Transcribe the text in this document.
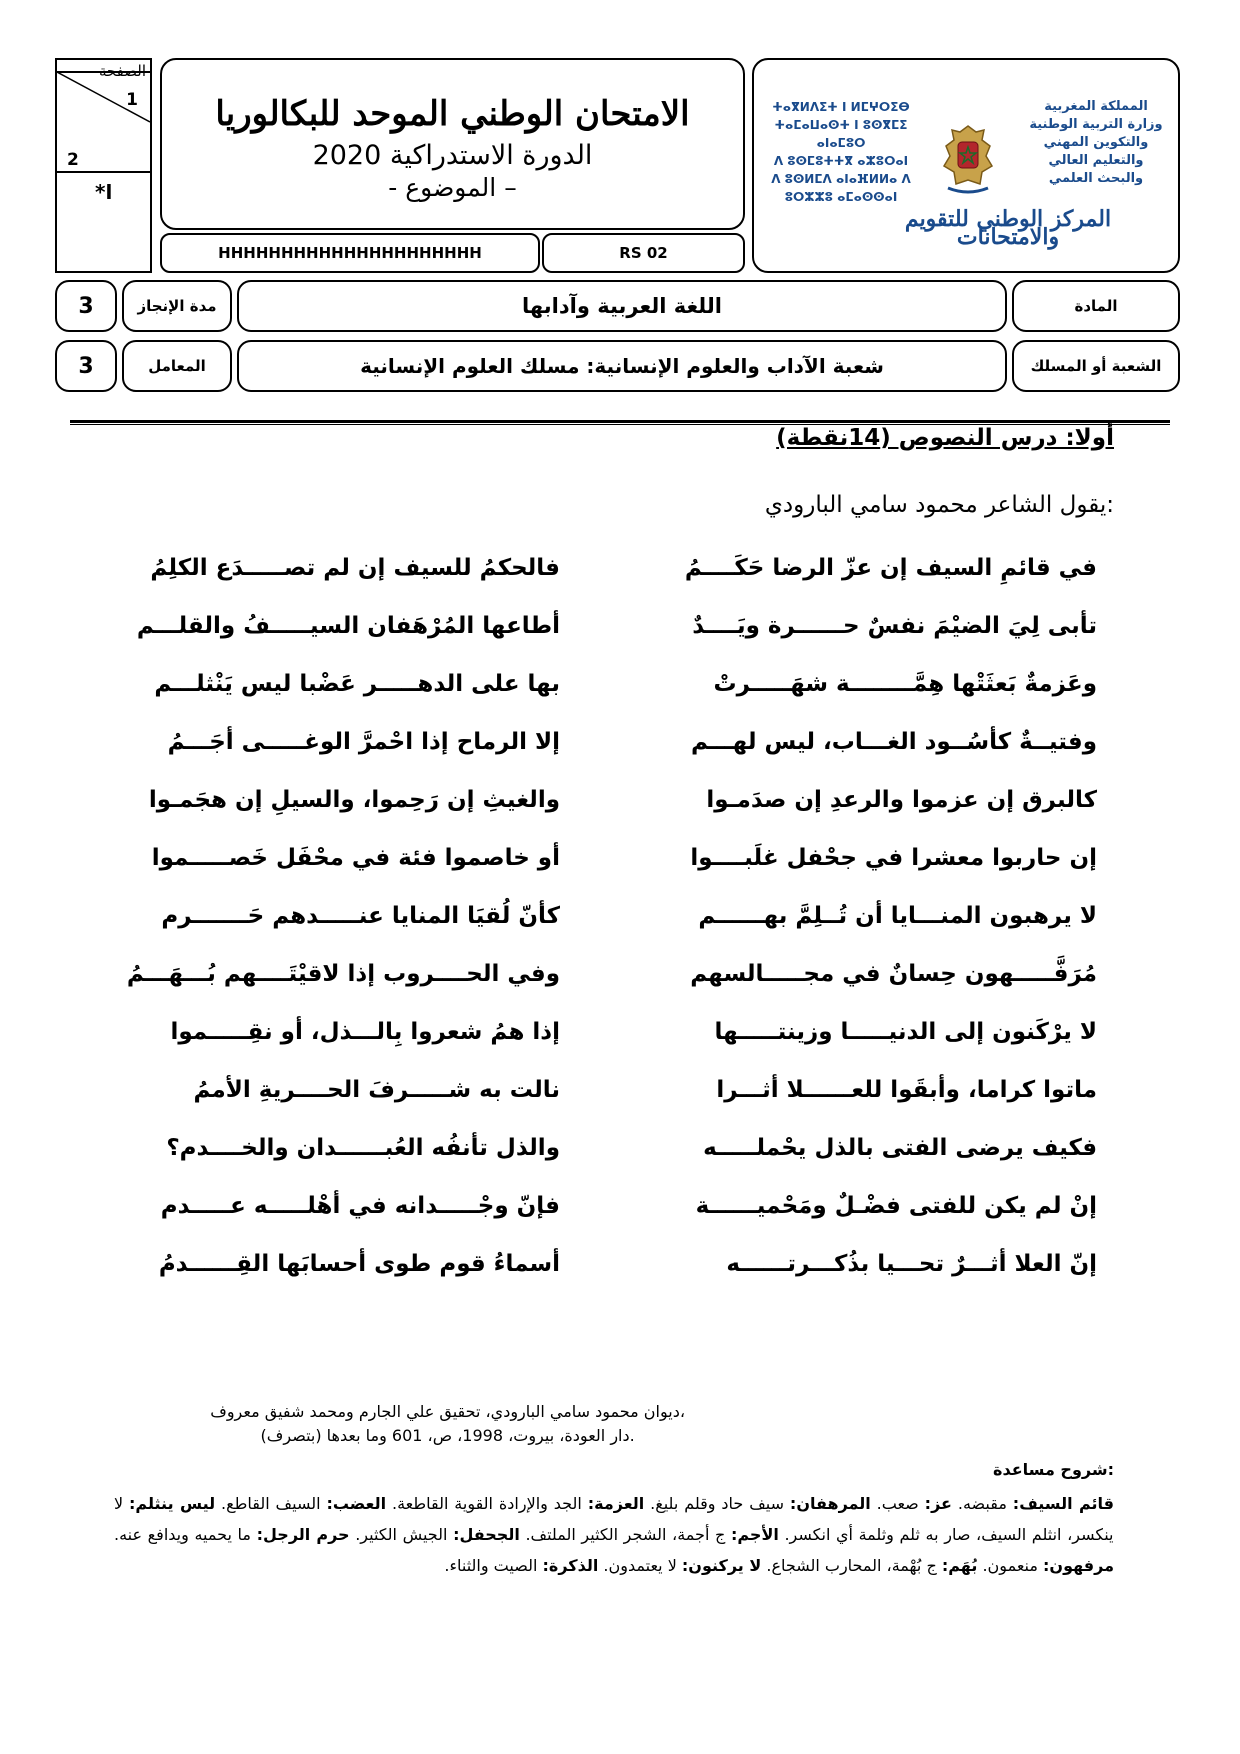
الصفحة
1
2
*ا
الامتحان الوطني الموحد للبكالوريا
الدورة الاستدراكية 2020
- الموضوع –
HHHHHHHHHHHHHHHHHHHHH	RS 02
ⵜⴰⴳⵍⴷⵉⵜ ⵏ ⵍⵎⵖⵔⵉⴱ
ⵜⴰⵎⴰⵡⴰⵙⵜ ⵏ ⵓⵙⴳⵎⵉ ⴰⵏⴰⵎⵓⵔ
ⴷ ⵓⵙⵎⵓⵜⵜⴳ ⴰⵣⵓⵔⴰⵏ
ⴷ ⵓⵙⵍⵎⴷ ⴰⵏⴰⴼⵍⵍⴰ ⴷ ⵓⵔⵣⵣⵓ ⴰⵎⴰⵙⵙⴰⵏ
المملكة المغربية
وزارة التربية الوطنية
والتكوين المهني
والتعليم العالي والبحث العلمي
المركز الوطني للتقويم والامتحانات
3	مدة الإنجاز	اللغة العربية وآدابها	المادة
3	المعامل	شعبة الآداب والعلوم الإنسانية: مسلك العلوم الإنسانية	الشعبة أو المسلك
أولا: درس النصوص (14نقطة)
يقول الشاعر محمود سامي البارودي:
في قائمِ السيف إن عزّ الرضا حَكَــــمُ
فالحكمُ للسيف إن لم تصـــــدَع الكلِمُ
تأبى لِيَ الضيْمَ نفسٌ حــــــرة ويَــــدٌ
أطاعها المُرْهَفان السيـــــفُ والقلـــم
وعَزمةٌ بَعثَتْها هِمَّــــــــة شهَـــــرتْ
بها على الدهـــــر عَضْبا ليس يَنْثلـــم
وفتيــةٌ كأسُــود الغـــاب، ليس لهـــم
إلا الرماح إذا احْمرَّ الوغـــــى أجَـــمُ
كالبرق إن عزموا والرعدِ إن صدَمـوا
والغيثِ إن رَحِموا، والسيلِ إن هجَمـوا
إن حاربوا معشرا في جحْفل غلَبــــوا
أو خاصموا فئة في محْفَل خَصـــــموا
لا يرهبون المنـــايا أن تُــلِمَّ بهــــــم
كأنّ لُقيَا المنايا عنـــــدهم حَـــــــرم
مُرَفَّـــــهون حِسانٌ في مجـــــالسهم
وفي الحــــروب إذا لاقيْتَــــهم بُـــهَـــمُ
لا يرْكَنون إلى الدنيـــــا وزينتـــــها
إذا همُ شعروا بِالـــذل، أو نقِـــــموا
ماتوا كراما، وأبقَوا للعــــــلا أثـــرا
نالت به شـــــرفَ الحــــريةِ الأممُ
فكيف يرضى الفتى بالذل يحْملـــــه
والذل تأنفُه العُبــــــدان والخــــدم؟
إنْ لم يكن للفتى فضْـلٌ ومَحْميــــــة
فإنّ وجْـــــدانه في أهْلـــــه عـــــدم
إنّ العلا أثـــرٌ تحـــيا بذُكـــرتــــــه
أسماءُ قوم طوى أحسابَها القِــــــدمُ
ديوان محمود سامي البارودي، تحقيق علي الجارم ومحمد شفيق معروف،
دار العودة، بيروت، 1998، ص، 601 وما بعدها (بتصرف).
شروح مساعدة:
قائم السيف: مقبضه. عز: صعب. المرهفان: سيف حاد وقلم بليغ. العزمة: الجد والإرادة القوية القاطعة. العضب: السيف القاطع. ليس ينثلم: لا ينكسر، انثلم السيف، صار به ثلم وثلمة أي انكسر. الأجم: ج أجمة، الشجر الكثير الملتف. الجحفل: الجيش الكثير. حرم الرجل: ما يحميه ويدافع عنه. مرفهون: منعمون. بُهَم: ج بُهْمة، المحارب الشجاع. لا يركنون: لا يعتمدون. الذكرة: الصيت والثناء.
